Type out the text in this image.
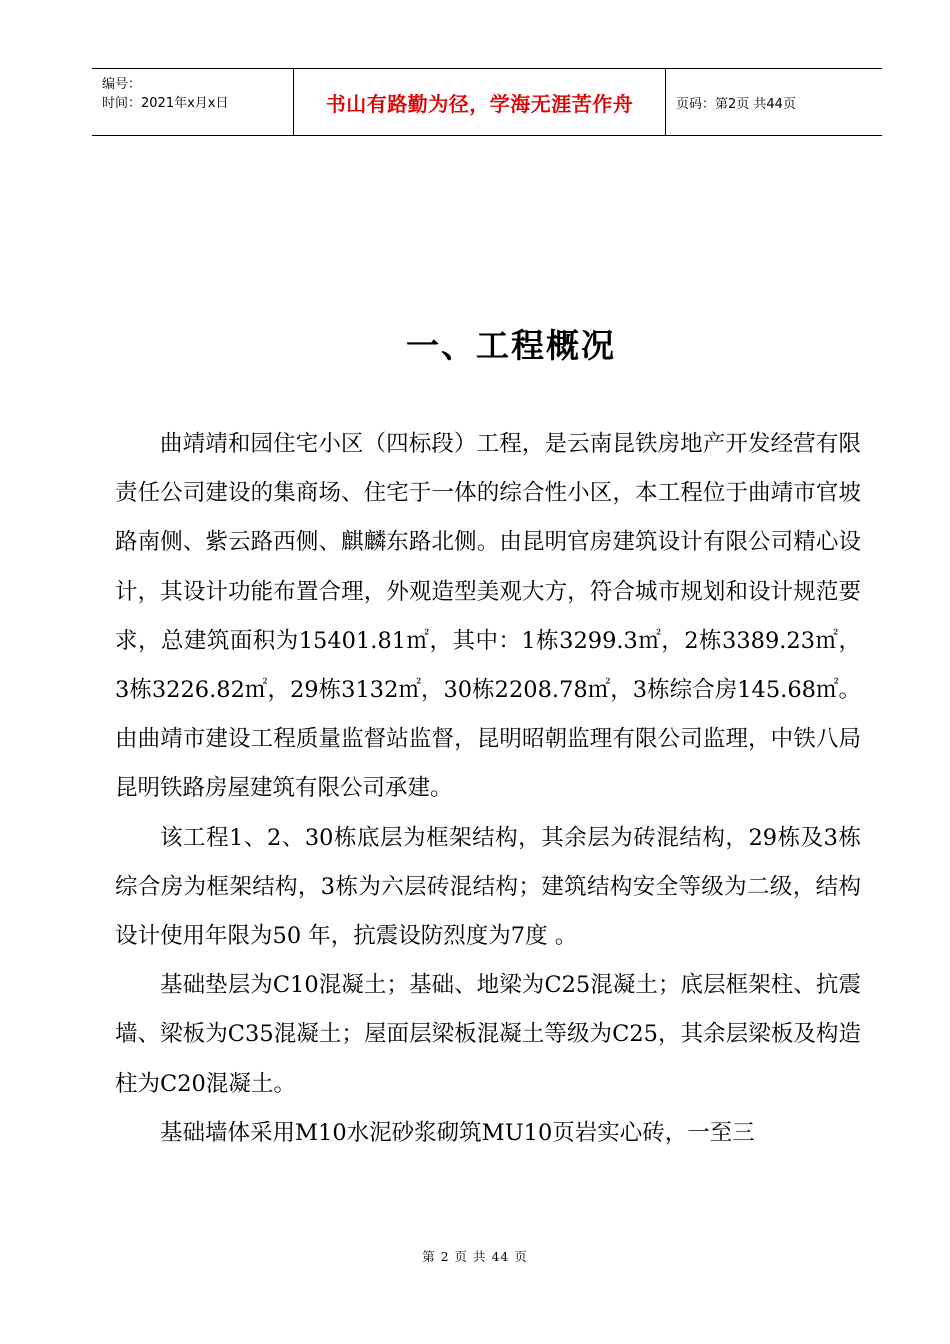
编号：
时间：2021年x月x日	书山有路勤为径，学海无涯苦作舟	页码：第2页 共44页
一、工程概况

曲靖靖和园住宅小区（四标段）工程，是云南昆铁房地产开发经营有限责任公司建设的集商场、住宅于一体的综合性小区，本工程位于曲靖市官坡路南侧、紫云路西侧、麒麟东路北侧。由昆明官房建筑设计有限公司精心设计，其设计功能布置合理，外观造型美观大方，符合城市规划和设计规范要求，总建筑面积为15401.81㎡，其中：1栋3299.3㎡，2栋3389.23㎡，3栋3226.82㎡，29栋3132㎡，30栋2208.78㎡，3栋综合房145.68㎡。由曲靖市建设工程质量监督站监督，昆明昭朝监理有限公司监理，中铁八局昆明铁路房屋建筑有限公司承建。

该工程1、2、30栋底层为框架结构，其余层为砖混结构，29栋及3栋综合房为框架结构，3栋为六层砖混结构；建筑结构安全等级为二级，结构设计使用年限为50 年，抗震设防烈度为7度 。

基础垫层为C10混凝土；基础、地梁为C25混凝土；底层框架柱、抗震墙、梁板为C35混凝土；屋面层梁板混凝土等级为C25，其余层梁板及构造柱为C20混凝土。

基础墙体采用M10水泥砂浆砌筑MU10页岩实心砖，一至三

第 2 页 共 44 页
